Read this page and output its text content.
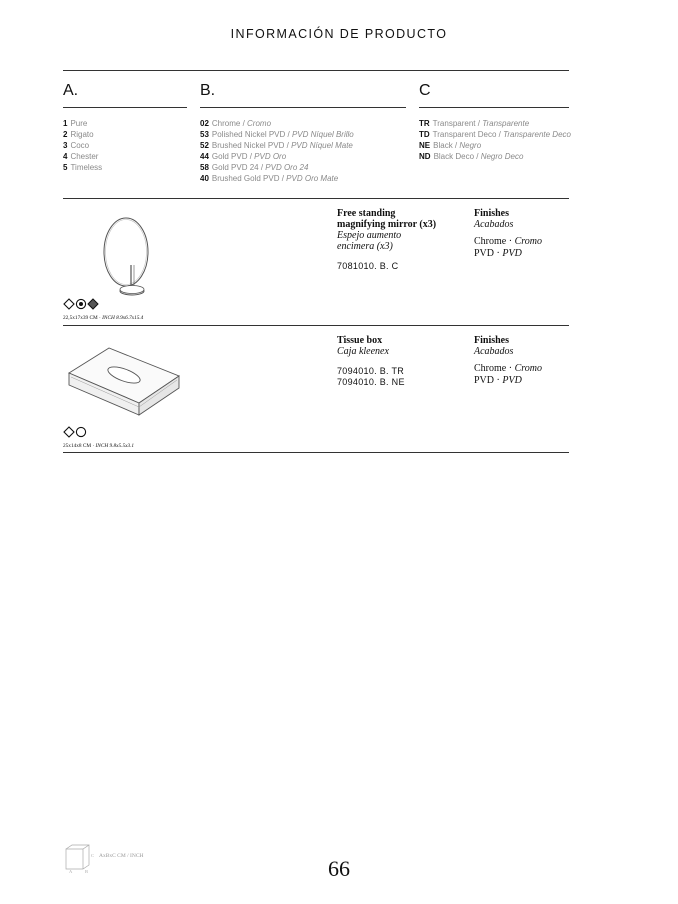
INFORMACIÓN DE PRODUCTO
A.
1 Pure
2 Rigato
3 Coco
4 Chester
5 Timeless
B.
02 Chrome / Cromo
53 Polished Nickel PVD / PVD Níquel Brillo
52 Brushed Nickel PVD / PVD Níquel Mate
44 Gold PVD / PVD Oro
58 Gold PVD 24 / PVD Oro 24
40 Brushed Gold PVD / PVD Oro Mate
C
TR Transparent / Transparente
TD Transparent Deco / Transparente Deco
NE Black / Negro
ND Black Deco / Negro Deco
22,5x17x39 CM · INCH 8.9x6.7x15.4
Free standing
magnifying mirror (x3)
Espejo aumento
encimera (x3)
7081010. B. C
Finishes
Acabados
Chrome · Cromo
PVD · PVD
25x14x8 CM · INCH 9.8x5.5x3.1
Tissue box
Caja kleenex
7094010. B. TR
7094010. B. NE
Finishes
Acabados
Chrome · Cromo
PVD · PVD
A	B
C AxBxC CM / INCH	66
